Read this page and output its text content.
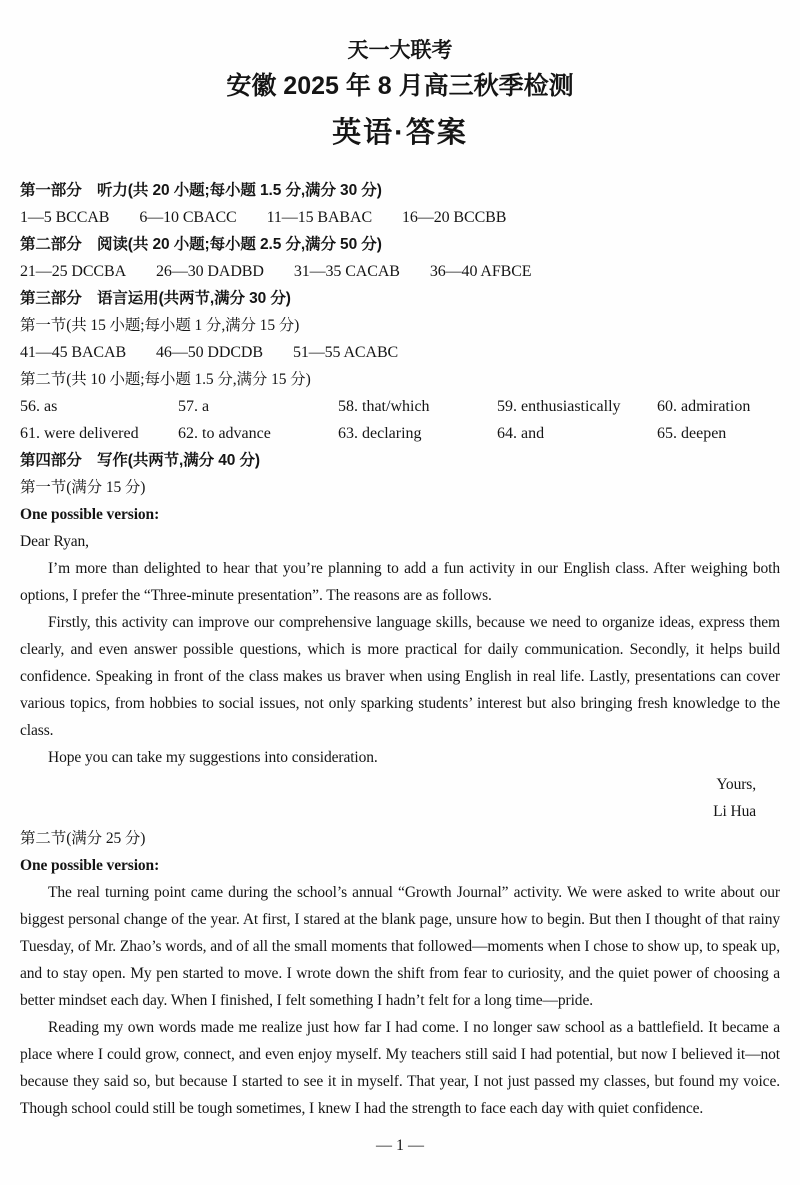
天一大联考
安徽 2025 年 8 月高三秋季检测
英语·答案

第一部分　听力(共 20 小题;每小题 1.5 分,满分 30 分)

1—5 BCCAB 6—10 CBACC 11—15 BABAC 16—20 BCCBB

第二部分　阅读(共 20 小题;每小题 2.5 分,满分 50 分)

21—25 DCCBA 26—30 DADBD 31—35 CACAB 36—40 AFBCE

第三部分　语言运用(共两节,满分 30 分)

第一节(共 15 小题;每小题 1 分,满分 15 分)

41—45 BACAB 46—50 DDCDB 51—55 ACABC

第二节(共 10 小题;每小题 1.5 分,满分 15 分)

56. as	57. a	58. that/which	59. enthusiastically	60. admiration
61. were delivered	62. to advance	63. declaring	64. and	65. deepen

第四部分　写作(共两节,满分 40 分)

第一节(满分 15 分)

One possible version:

Dear Ryan,

I’m more than delighted to hear that you’re planning to add a fun activity in our English class. After weighing both options, I prefer the “Three-minute presentation”. The reasons are as follows.

Firstly, this activity can improve our comprehensive language skills, because we need to organize ideas, express them clearly, and even answer possible questions, which is more practical for daily communication. Secondly, it helps build confidence. Speaking in front of the class makes us braver when using English in real life. Lastly, presentations can cover various topics, from hobbies to social issues, not only sparking students’ interest but also bringing fresh knowledge to the class.

Hope you can take my suggestions into consideration.

Yours,

Li Hua

第二节(满分 25 分)

One possible version:

The real turning point came during the school’s annual “Growth Journal” activity. We were asked to write about our biggest personal change of the year. At first, I stared at the blank page, unsure how to begin. But then I thought of that rainy Tuesday, of Mr. Zhao’s words, and of all the small moments that followed—moments when I chose to show up, to speak up, and to stay open. My pen started to move. I wrote down the shift from fear to curiosity, and the quiet power of choosing a better mindset each day. When I finished, I felt something I hadn’t felt for a long time—pride.

Reading my own words made me realize just how far I had come. I no longer saw school as a battlefield. It became a place where I could grow, connect, and even enjoy myself. My teachers still said I had potential, but now I believed it—not because they said so, but because I started to see it in myself. That year, I not just passed my classes, but found my voice. Though school could still be tough sometimes, I knew I had the strength to face each day with quiet confidence.

— 1 —
